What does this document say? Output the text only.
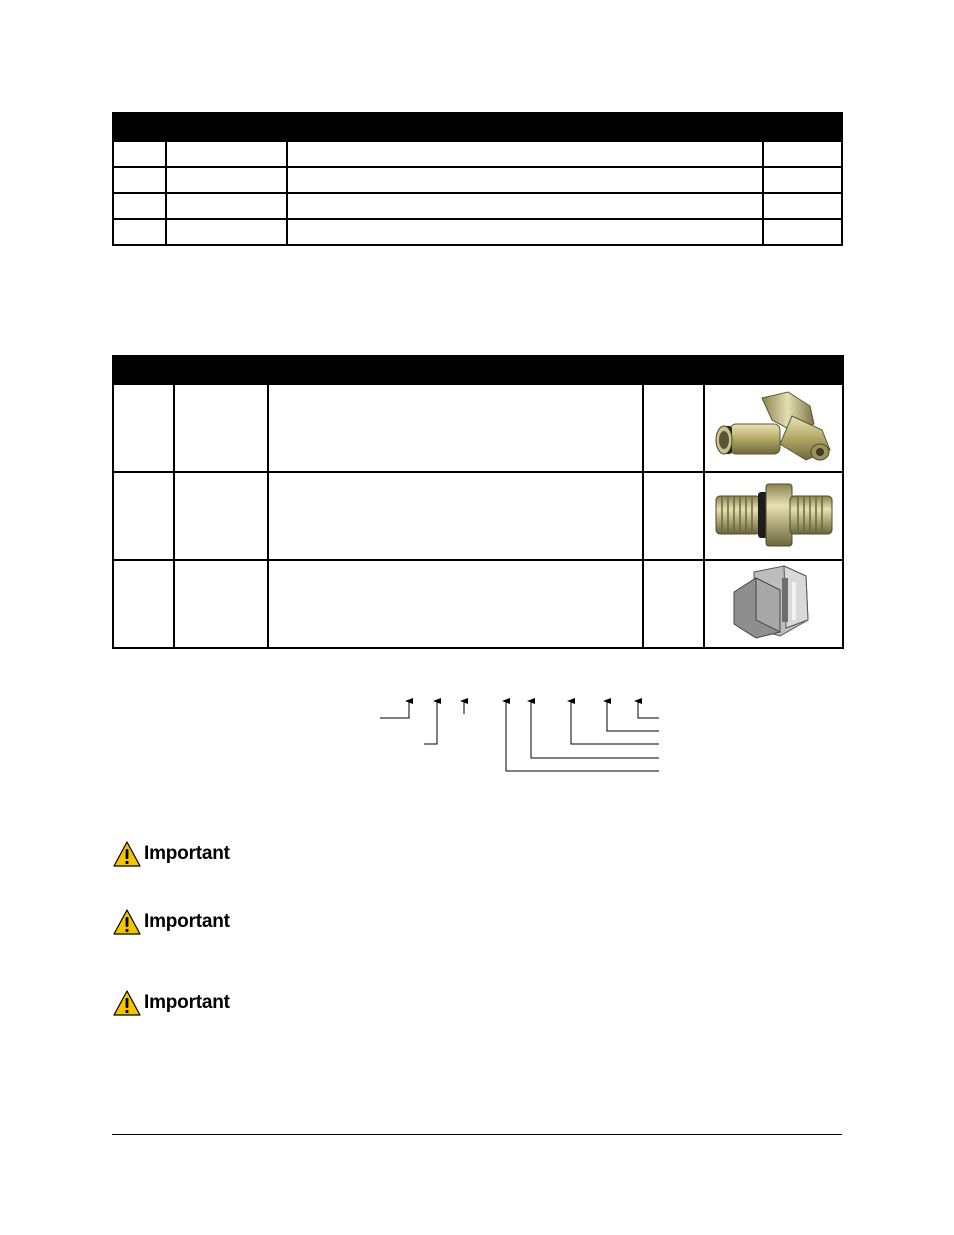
Important
Important
Important
